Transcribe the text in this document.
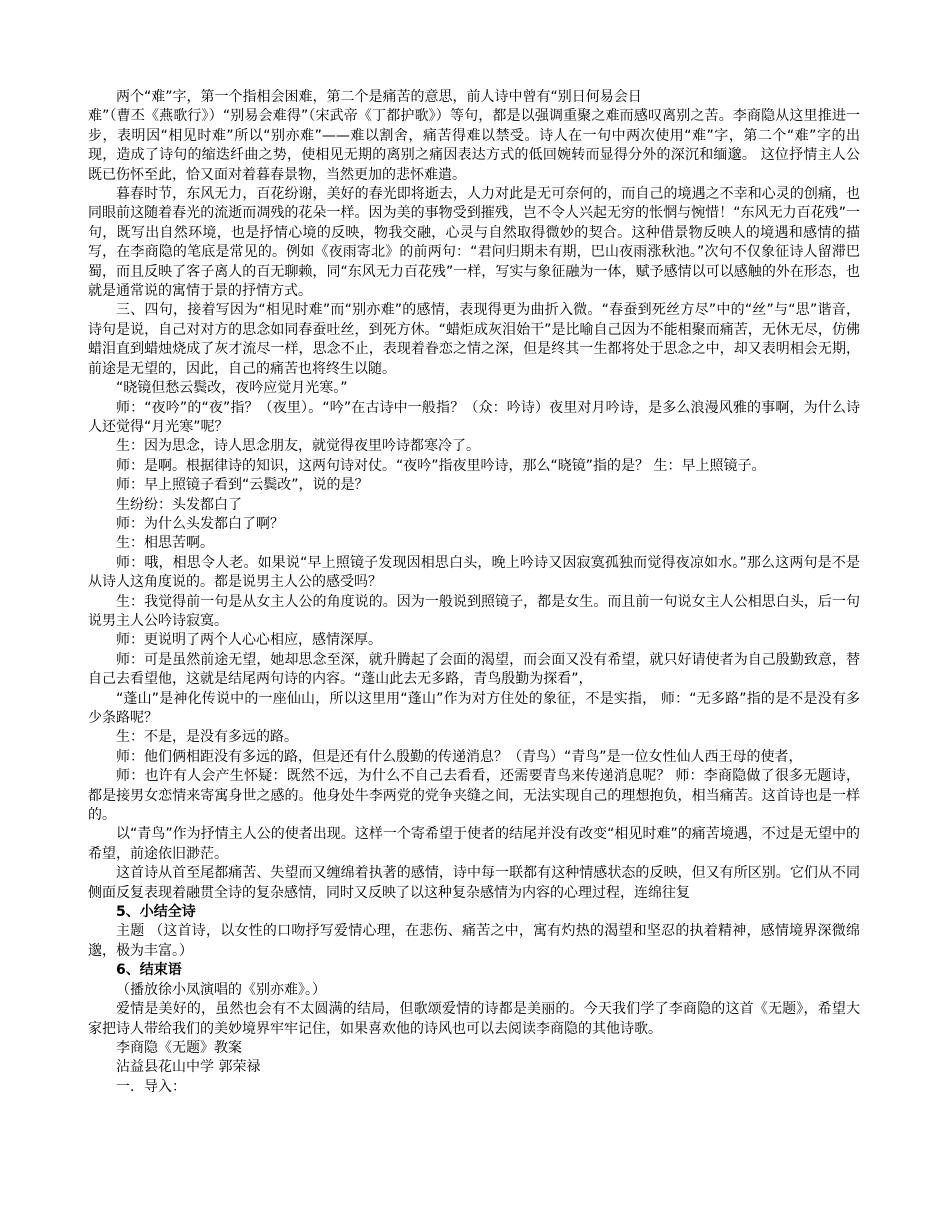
两个“难”字，第一个指相会困难，第二个是痛苦的意思，前人诗中曾有“别日何易会日

难”（曹丕《燕歌行》）“别易会难得”（宋武帝《丁都护歌》）等句，都是以强调重聚之难而感叹离别之苦。李商隐从这里推进一步，表明因“相见时难”所以“别亦难”——难以割舍，痛苦得难以禁受。诗人在一句中两次使用“难”字，第二个“难”字的出现，造成了诗句的缩迭纤曲之势，使相见无期的离别之痛因表达方式的低回婉转而显得分外的深沉和缅邈。 这位抒情主人公既已伤怀至此，恰又面对着暮春景物，当然更加的悲怀难遣。

暮春时节，东风无力，百花纷谢，美好的春光即将逝去，人力对此是无可奈何的，而自己的境遇之不幸和心灵的创痛，也同眼前这随着春光的流逝而凋残的花朵一样。因为美的事物受到摧残，岂不令人兴起无穷的怅惘与惋惜！“东风无力百花残”一句，既写出自然环境，也是抒情心境的反映，物我交融，心灵与自然取得微妙的契合。这种借景物反映人的境遇和感情的描写，在李商隐的笔底是常见的。例如《夜雨寄北》的前两句：“君问归期未有期，巴山夜雨涨秋池。”次句不仅象征诗人留滞巴蜀，而且反映了客子离人的百无聊赖，同“东风无力百花残”一样，写实与象征融为一体，赋予感情以可以感触的外在形态，也就是通常说的寓情于景的抒情方式。

三、四句，接着写因为“相见时难”而“别亦难”的感情，表现得更为曲折入微。“春蚕到死丝方尽”中的“丝”与“思”谐音，诗句是说，自己对对方的思念如同春蚕吐丝，到死方休。“蜡炬成灰泪始干”是比喻自己因为不能相聚而痛苦，无休无尽，仿佛蜡泪直到蜡烛烧成了灰才流尽一样，思念不止，表现着眷恋之情之深，但是终其一生都将处于思念之中，却又表明相会无期，前途是无望的，因此，自己的痛苦也将终生以随。

“晓镜但愁云鬓改，夜吟应觉月光寒。”

师：“夜吟”的“夜”指？（夜里）。“吟”在古诗中一般指？（众：吟诗）夜里对月吟诗，是多么浪漫风雅的事啊，为什么诗人还觉得“月光寒”呢？

生：因为思念，诗人思念朋友，就觉得夜里吟诗都寒冷了。

师：是啊。根据律诗的知识，这两句诗对仗。“夜吟”指夜里吟诗，那么“晓镜”指的是？ 生：早上照镜子。

师：早上照镜子看到“云鬓改”，说的是？

生纷纷：头发都白了

师：为什么头发都白了啊？

生：相思苦啊。

师：哦，相思令人老。如果说“早上照镜子发现因相思白头，晚上吟诗又因寂寞孤独而觉得夜凉如水。”那么这两句是不是从诗人这角度说的。都是说男主人公的感受吗？

生：我觉得前一句是从女主人公的角度说的。因为一般说到照镜子，都是女生。而且前一句说女主人公相思白头，后一句说男主人公吟诗寂寞。

师：更说明了两个人心心相应，感情深厚。

师：可是虽然前途无望，她却思念至深，就升腾起了会面的渴望，而会面又没有希望，就只好请使者为自己殷勤致意，替自己去看望他，这就是结尾两句诗的内容。“蓬山此去无多路，青鸟殷勤为探看”，

“蓬山”是神化传说中的一座仙山，所以这里用“蓬山”作为对方住处的象征，不是实指， 师：“无多路”指的是不是没有多少条路呢？

生：不是，是没有多远的路。

师：他们俩相距没有多远的路，但是还有什么殷勤的传递消息？（青鸟）“青鸟”是一位女性仙人西王母的使者，

师：也许有人会产生怀疑：既然不远，为什么不自己去看看，还需要青鸟来传递消息呢？ 师：李商隐做了很多无题诗，都是接男女恋情来寄寓身世之感的。他身处牛李两党的党争夹缝之间，无法实现自己的理想抱负，相当痛苦。这首诗也是一样的。

以“青鸟”作为抒情主人公的使者出现。这样一个寄希望于使者的结尾并没有改变“相见时难”的痛苦境遇，不过是无望中的希望，前途依旧渺茫。

这首诗从首至尾都痛苦、失望而又缠绵着执著的感情，诗中每一联都有这种情感状态的反映，但又有所区别。它们从不同侧面反复表现着融贯全诗的复杂感情，同时又反映了以这种复杂感情为内容的心理过程，连绵往复

5、小结全诗

主题 （这首诗，以女性的口吻抒写爱情心理，在悲伤、痛苦之中，寓有灼热的渴望和坚忍的执着精神，感情境界深微绵邈，极为丰富。）

6、结束语

（播放徐小凤演唱的《别亦难》。）

爱情是美好的，虽然也会有不太圆满的结局，但歌颂爱情的诗都是美丽的。今天我们学了李商隐的这首《无题》，希望大家把诗人带给我们的美妙境界牢牢记住，如果喜欢他的诗风也可以去阅读李商隐的其他诗歌。

李商隐《无题》教案

沾益县花山中学 郭荣禄

一．导入：
